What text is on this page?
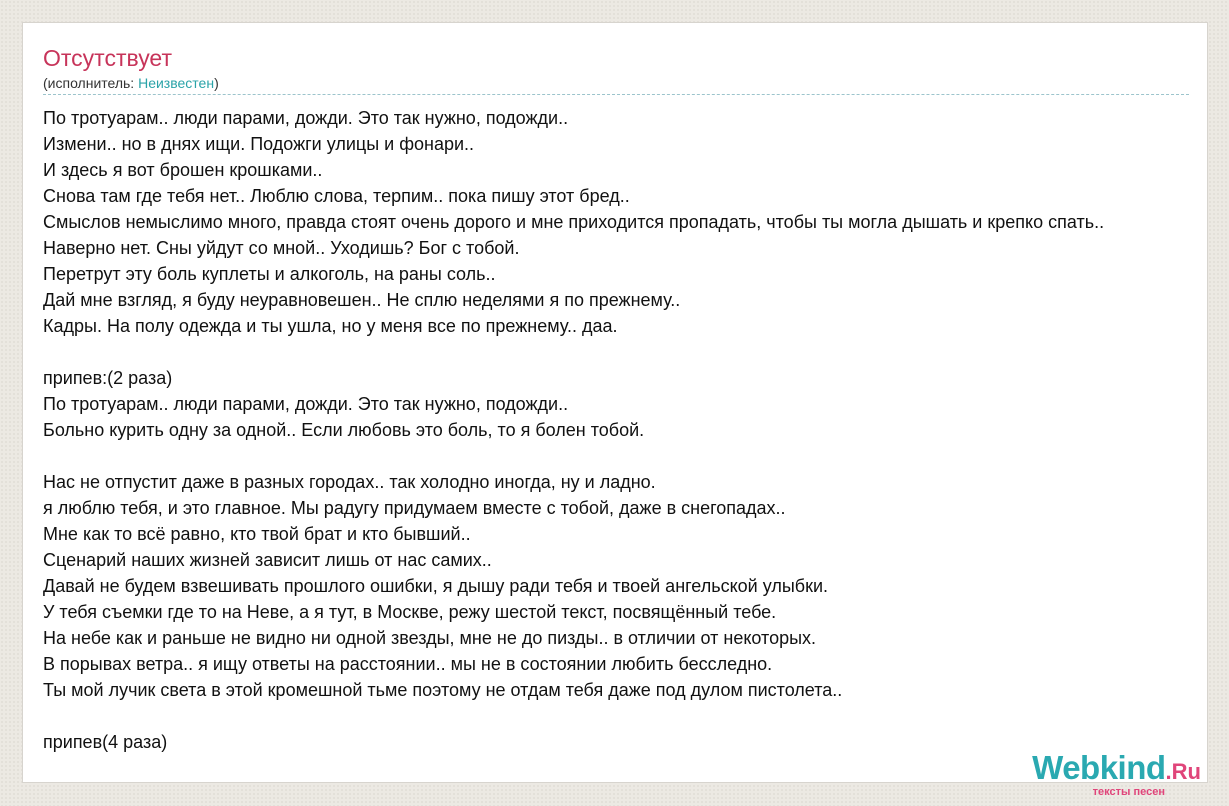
Отсутствует
(исполнитель: Неизвестен)
По тротуарам.. люди парами, дожди. Это так нужно, подожди..
Измени.. но в днях ищи. Подожги улицы и фонари..
И здесь я вот брошен крошками..
Снова там где тебя нет.. Люблю слова, терпим.. пока пишу этот бред..
Смыслов немыслимо много, правда стоят очень дорого и мне приходится пропадать, чтобы ты могла дышать и крепко спать..
Наверно нет. Сны уйдут со мной.. Уходишь? Бог с тобой.
Перетрут эту боль куплеты и алкоголь, на раны соль..
Дай мне взгляд, я буду неуравновешен.. Не сплю неделями я по прежнему..
Кадры. На полу одежда и ты ушла, но у меня все по прежнему.. даа.
припев:(2 раза)
По тротуарам.. люди парами, дожди. Это так нужно, подожди..
Больно курить одну за одной.. Если любовь это боль, то я болен тобой.
Нас не отпустит даже в разных городах.. так холодно иногда, ну и ладно.
я люблю тебя, и это главное. Мы радугу придумаем вместе с тобой, даже в снегопадах..
Мне как то всё равно, кто твой брат и кто бывший..
Сценарий наших жизней зависит лишь от нас самих..
Давай не будем взвешивать прошлого ошибки, я дышу ради тебя и твоей ангельской улыбки.
У тебя съемки где то на Неве, а я тут, в Москве, режу шестой текст, посвящённый тебе.
На небе как и раньше не видно ни одной звезды, мне не до пизды.. в отличии от некоторых.
В порывах ветра.. я ищу ответы на расстоянии.. мы не в состоянии любить бесследно.
Ты мой лучик света в этой кромешной тьме поэтому не отдам тебя даже под дулом пистолета..
припев(4 раза)
Webkind.Ru
тексты песен
